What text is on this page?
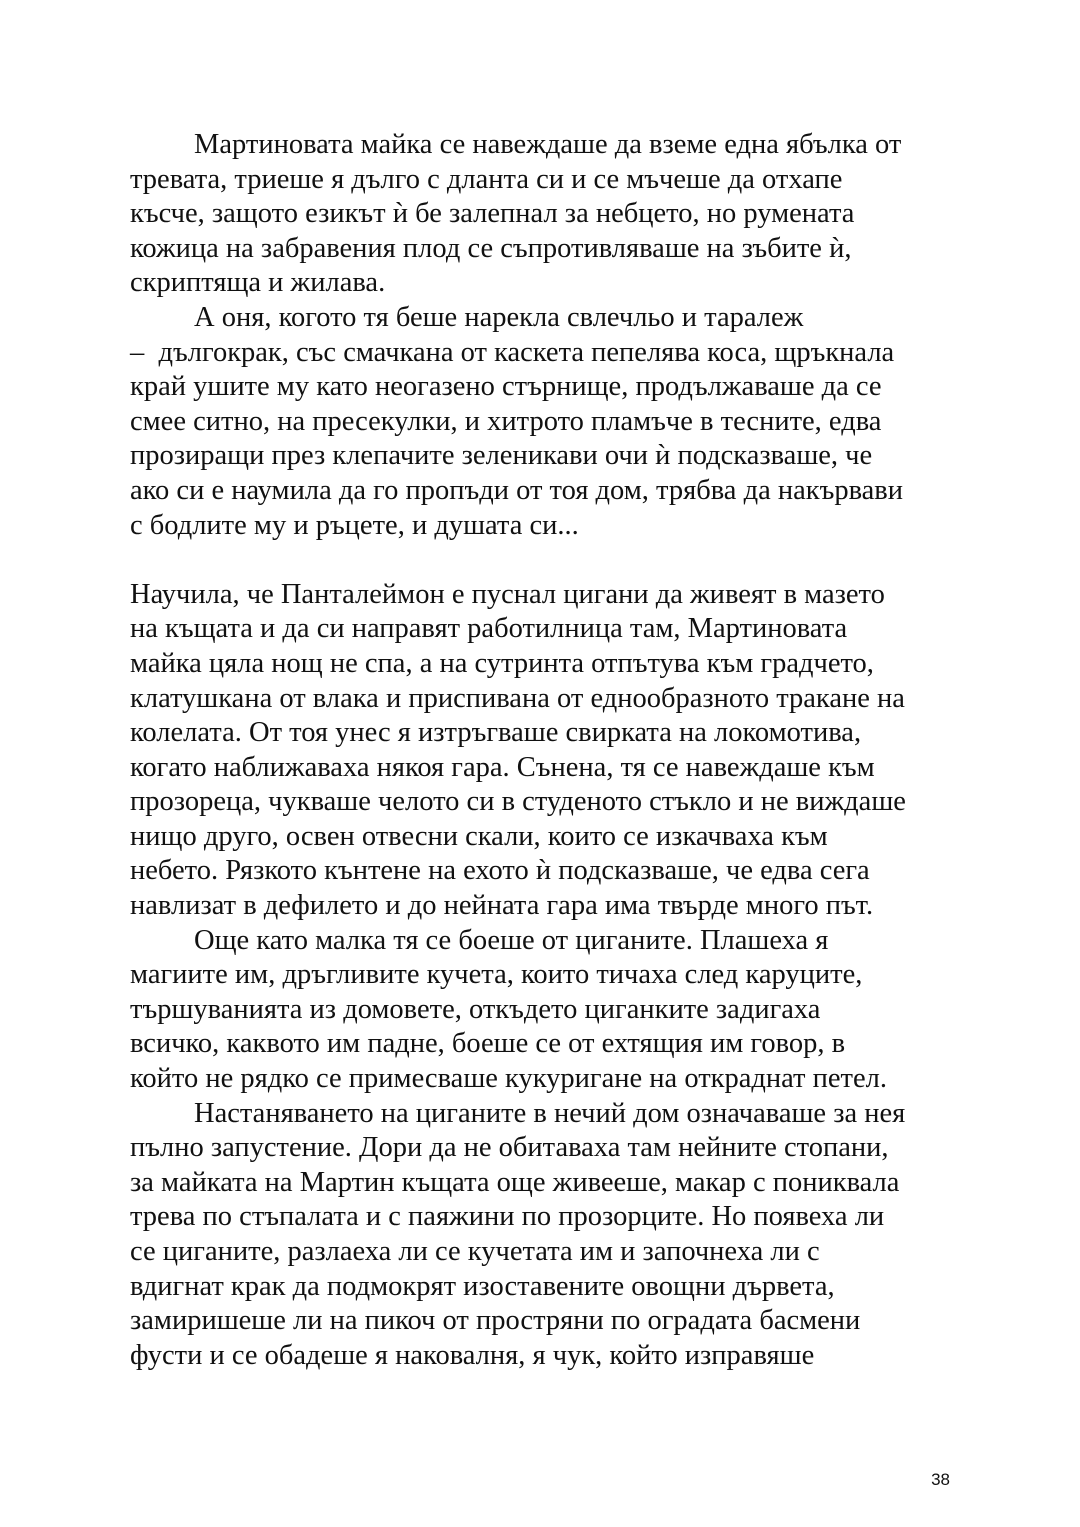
Мартиновата майка се навеждаше да вземе една ябълка от
тревата, триеше я дълго с дланта си и се мъчеше да отхапе
късче, защото езикът ѝ бе залепнал за небцето, но румената
кожица на забравения плод се съпротивляваше на зъбите ѝ,
скриптяща и жилава.
А оня, когото тя беше нарекла свлечльо и таралеж
–  дългокрак, със смачкана от каскета пепелява коса, щръкнала
край ушите му като неогазено стърнище, продължаваше да се
смее ситно, на пресекулки, и хитрото пламъче в тесните, едва
прозиращи през клепачите зеленикави очи ѝ подсказваше, че
ако си е наумила да го пропъди от тоя дом, трябва да накървави
с бодлите му и ръцете, и душата си...
Научила, че Панталеймон е пуснал цигани да живеят в мазето
на къщата и да си направят работилница там, Мартиновата
майка цяла нощ не спа, а на сутринта отпътува към градчето,
клатушкана от влака и приспивана от еднообразното тракане на
колелата. От тоя унес я изтръгваше свирката на локомотива,
когато наближаваха някоя гара. Сънена, тя се навеждаше към
прозореца, чукваше челото си в студеното стъкло и не виждаше
нищо друго, освен отвесни скали, които се изкачваха към
небето. Рязкото кънтене на ехото ѝ подсказваше, че едва сега
навлизат в дефилето и до нейната гара има твърде много път.
Още като малка тя се боеше от циганите. Плашеха я
магиите им, дръгливите кучета, които тичаха след каруците,
тършуванията из домовете, откъдето циганките задигаха
всичко, каквото им падне, боеше се от ехтящия им говор, в
който не рядко се примесваше кукуригане на откраднат петел.
Настаняването на циганите в нечий дом означаваше за нея
пълно запустение. Дори да не обитаваха там нейните стопани,
за майката на Мартин къщата още живееше, макар с пониквала
трева по стъпалата и с паяжини по прозорците. Но появеха ли
се циганите, разлаеха ли се кучетата им и започнеха ли с
вдигнат крак да подмокрят изоставените овощни дървета,
замиришеше ли на пикоч от простряни по оградата басмени
фусти и се обадеше я наковалня, я чук, който изправяше
38
